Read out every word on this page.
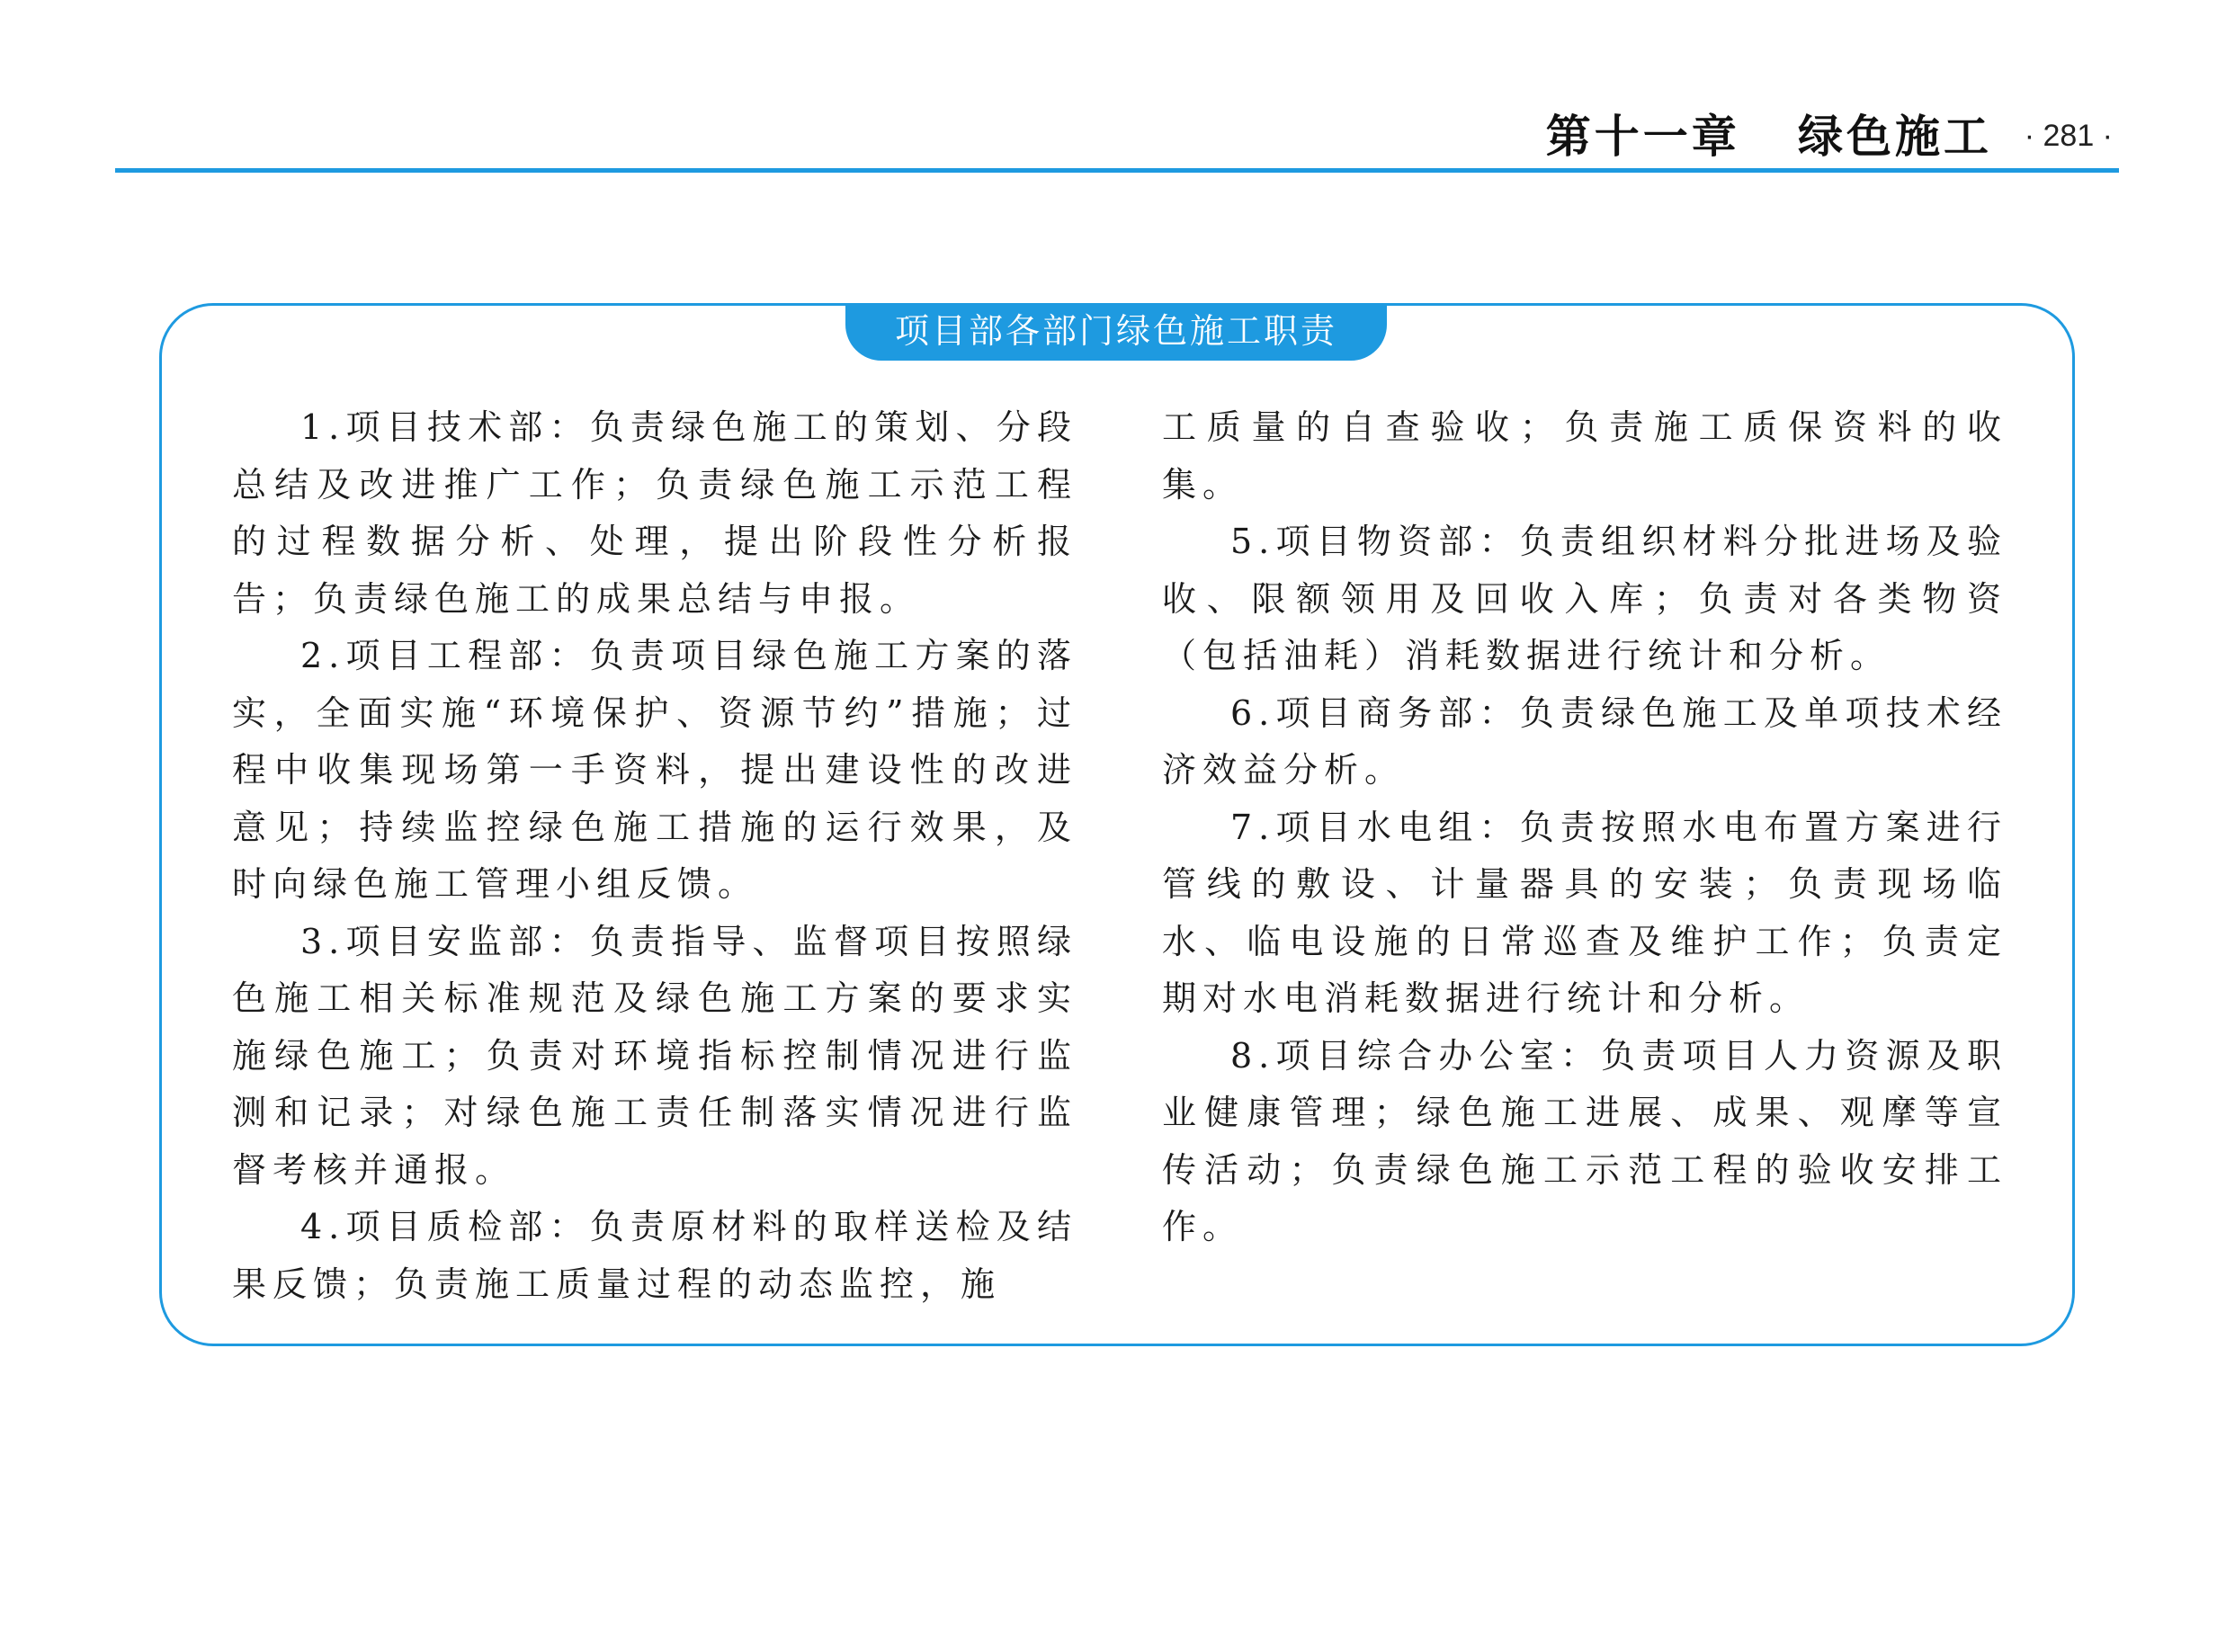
第十一章   绿色施工 · 281 ·
项目部各部门绿色施工职责

1.项目技术部：负责绿色施工的策划、分段总结及改进推广工作；负责绿色施工示范工程的过程数据分析、处理，提出阶段性分析报告；负责绿色施工的成果总结与申报。

2.项目工程部：负责项目绿色施工方案的落实，全面实施“环境保护、资源节约”措施；过程中收集现场第一手资料，提出建设性的改进意见；持续监控绿色施工措施的运行效果，及时向绿色施工管理小组反馈。

3.项目安监部：负责指导、监督项目按照绿色施工相关标准规范及绿色施工方案的要求实施绿色施工；负责对环境指标控制情况进行监测和记录；对绿色施工责任制落实情况进行监督考核并通报。

4.项目质检部：负责原材料的取样送检及结果反馈；负责施工质量过程的动态监控，施

工质量的自查验收；负责施工质保资料的收集。

5.项目物资部：负责组织材料分批进场及验收、限额领用及回收入库；负责对各类物资（包括油耗）消耗数据进行统计和分析。

6.项目商务部：负责绿色施工及单项技术经济效益分析。

7.项目水电组：负责按照水电布置方案进行管线的敷设、计量器具的安装；负责现场临水、临电设施的日常巡查及维护工作；负责定期对水电消耗数据进行统计和分析。

8.项目综合办公室：负责项目人力资源及职业健康管理；绿色施工进展、成果、观摩等宣传活动；负责绿色施工示范工程的验收安排工作。
